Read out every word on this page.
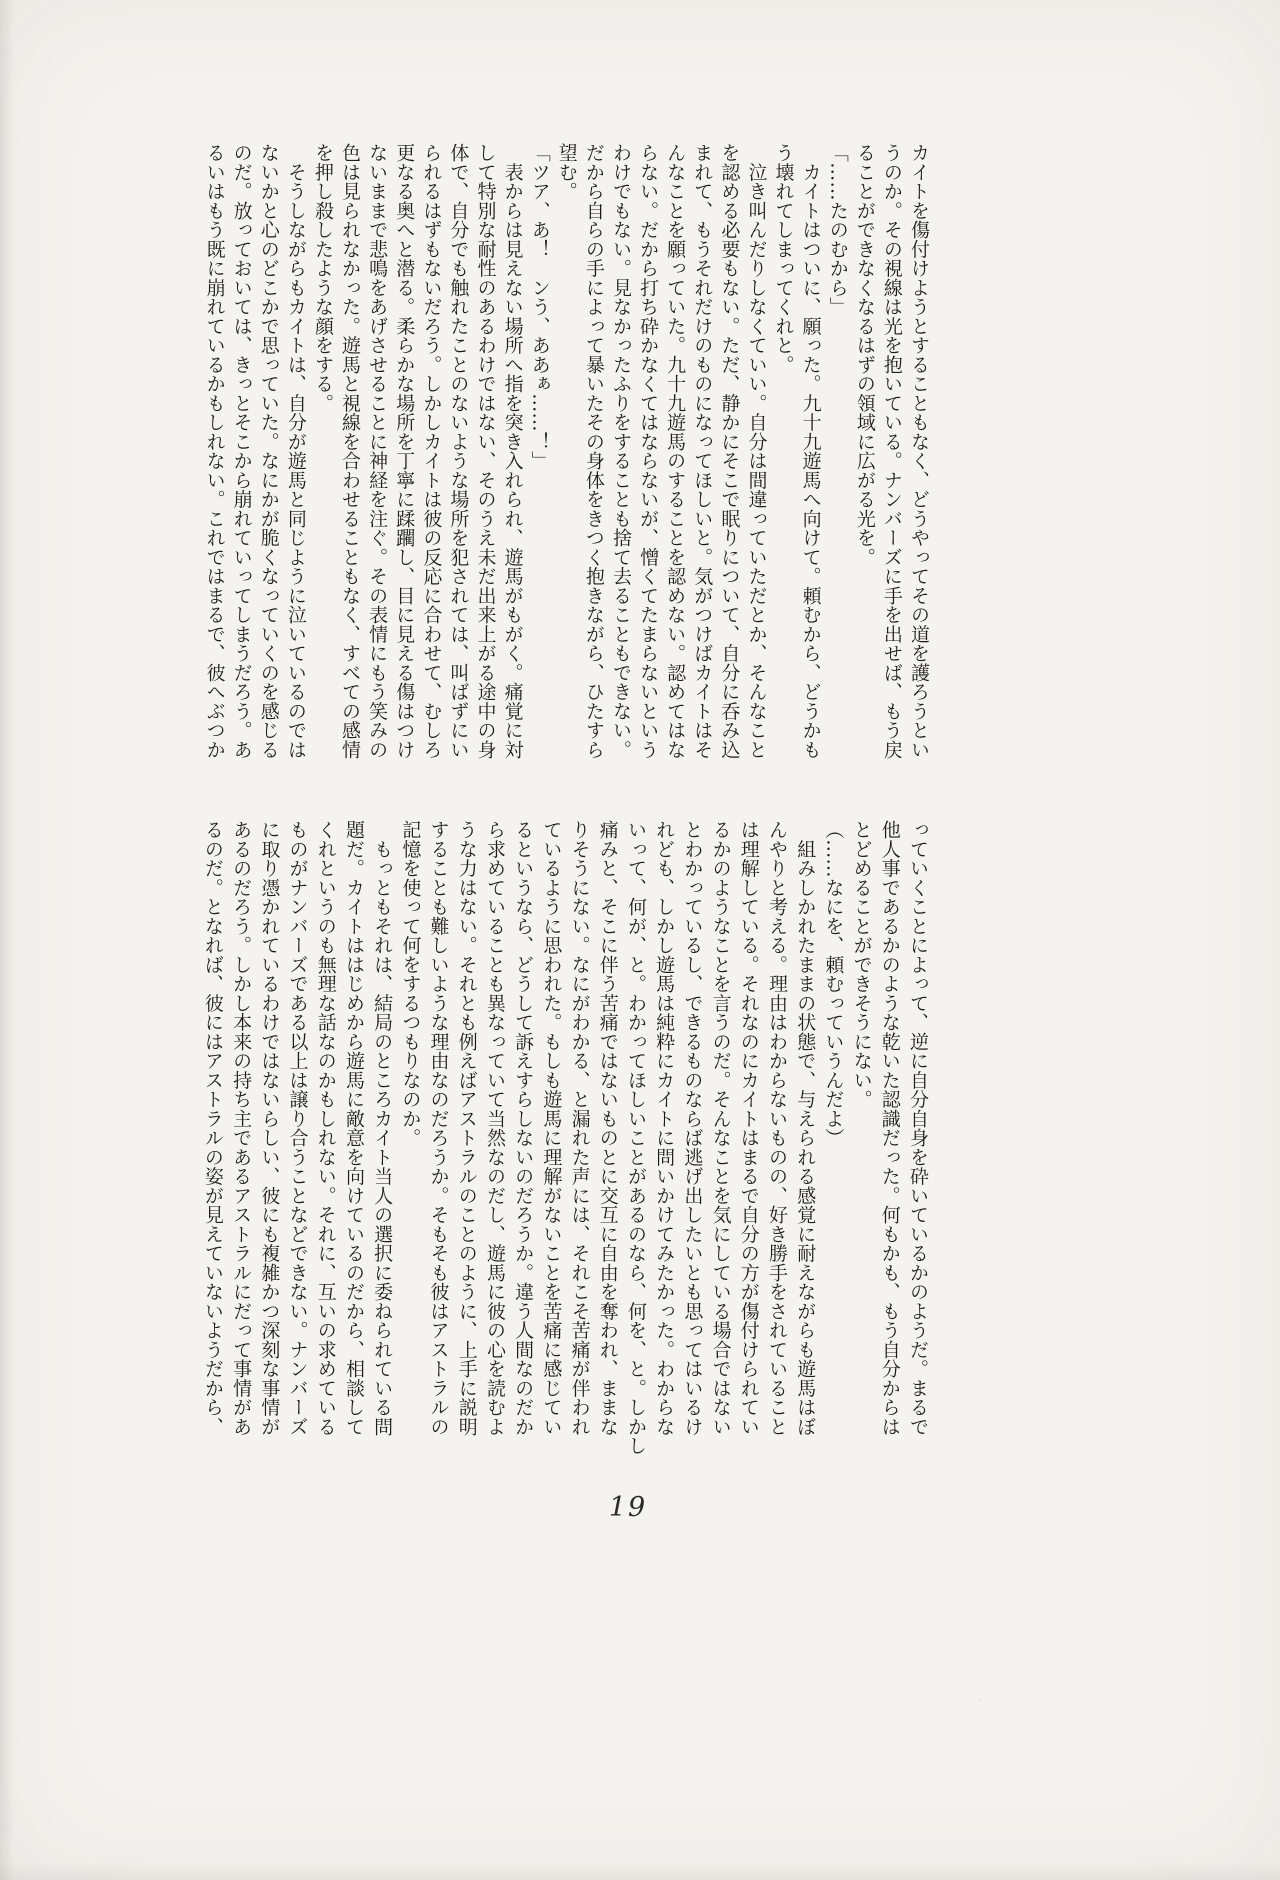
カイトを傷付けようとすることもなく、どうやってその道を護ろうとい
うのか。その視線は光を抱いている。ナンバーズに手を出せば、もう戻
ることができなくなるはずの領域に広がる光を。
「……たのむから」
　カイトはついに、願った。九十九遊馬へ向けて。頼むから、どうかも
う壊れてしまってくれと。
　泣き叫んだりしなくていい。自分は間違っていただとか、そんなこと
を認める必要もない。ただ、静かにそこで眠りについて、自分に呑み込
まれて、もうそれだけのものになってほしいと。気がつけばカイトはそ
んなことを願っていた。九十九遊馬のすることを認めない。認めてはな
らない。だから打ち砕かなくてはならないが、憎くてたまらないという
わけでもない。見なかったふりをすることも捨て去ることもできない。
だから自らの手によって暴いたその身体をきつく抱きながら、ひたすら
望む。
「ツア、あ！　ンう、ああぁ……！」
　表からは見えない場所へ指を突き入れられ、遊馬がもがく。痛覚に対
して特別な耐性のあるわけではない、そのうえ未だ出来上がる途中の身
体で、自分でも触れたことのないような場所を犯されては、叫ばずにい
られるはずもないだろう。しかしカイトは彼の反応に合わせて、むしろ
更なる奥へと潜る。柔らかな場所を丁寧に蹂躙し、目に見える傷はつけ
ないままで悲鳴をあげさせることに神経を注ぐ。その表情にもう笑みの
色は見られなかった。遊馬と視線を合わせることもなく、すべての感情
を押し殺したような顔をする。
　そうしながらもカイトは、自分が遊馬と同じように泣いているのでは
ないかと心のどこかで思っていた。なにかが脆くなっていくのを感じる
のだ。放っておいては、きっとそこから崩れていってしまうだろう。あ
るいはもう既に崩れているかもしれない。これではまるで、彼へぶつか
っていくことによって、逆に自分自身を砕いているかのようだ。まるで
他人事であるかのような乾いた認識だった。何もかも、もう自分からは
とどめることができそうにない。
（……なにを、頼むっていうんだよ）
　組みしかれたままの状態で、与えられる感覚に耐えながらも遊馬はぼ
んやりと考える。理由はわからないものの、好き勝手をされていること
は理解している。それなのにカイトはまるで自分の方が傷付けられてい
るかのようなことを言うのだ。そんなことを気にしている場合ではない
とわかっているし、できるものならば逃げ出したいとも思ってはいるけ
れども、しかし遊馬は純粋にカイトに問いかけてみたかった。わからな
いって、何が、と。わかってほしいことがあるのなら、何を、と。しかし
痛みと、そこに伴う苦痛ではないものとに交互に自由を奪われ、ままな
りそうにない。なにがわかる、と漏れた声には、それこそ苦痛が伴われ
ているように思われた。もしも遊馬に理解がないことを苦痛に感じてい
るというなら、どうして訴えすらしないのだろうか。違う人間なのだか
ら求めていることも異なっていて当然なのだし、遊馬に彼の心を読むよ
うな力はない。それとも例えばアストラルのことのように、上手に説明
することも難しいような理由なのだろうか。そもそも彼はアストラルの
記憶を使って何をするつもりなのか。
　もっともそれは、結局のところカイト当人の選択に委ねられている問
題だ。カイトははじめから遊馬に敵意を向けているのだから、相談して
くれというのも無理な話なのかもしれない。それに、互いの求めている
ものがナンバーズである以上は譲り合うことなどできない。ナンバーズ
に取り憑かれているわけではないらしい、彼にも複雑かつ深刻な事情が
あるのだろう。しかし本来の持ち主であるアストラルにだって事情があ
るのだ。となれば、彼にはアストラルの姿が見えていないようだから、
19
